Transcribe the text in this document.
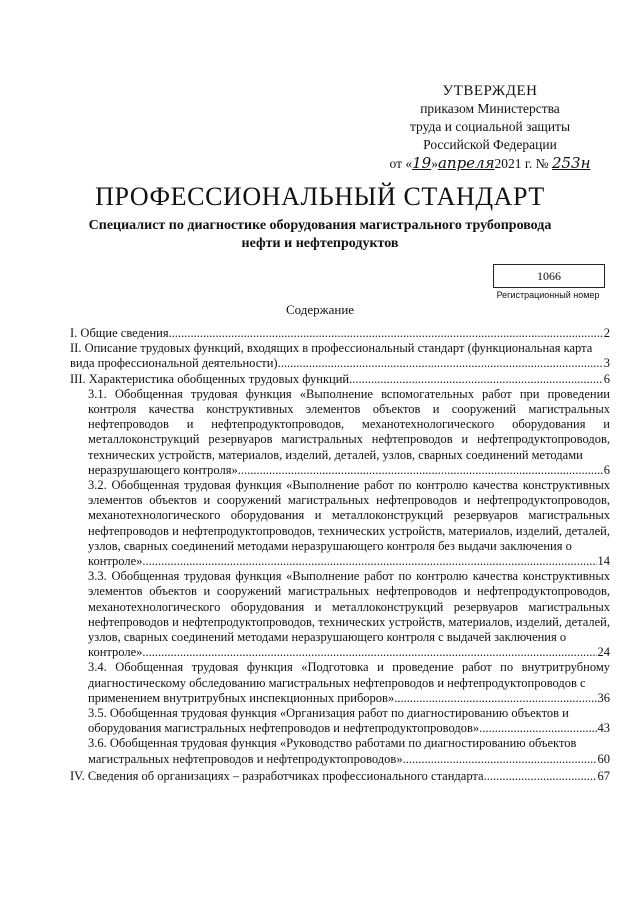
УТВЕРЖДЕН
приказом Министерства
труда и социальной защиты
Российской Федерации
от «19»апреля2021 г. № 253н
ПРОФЕССИОНАЛЬНЫЙ СТАНДАРТ
Специалист по диагностике оборудования магистрального трубопровода нефти и нефтепродуктов
1066
Регистрационный номер
Содержание
I. Общие сведения .....	2
II. Описание трудовых функций, входящих в профессиональный стандарт (функциональная карта
вида профессиональной деятельности) .....	3
III. Характеристика обобщенных трудовых функций .....	6
3.1. Обобщенная трудовая функция «Выполнение вспомогательных работ при проведении контроля качества конструктивных элементов объектов и сооружений магистральных нефтепроводов и нефтепродуктопроводов, механотехнологического оборудования и металлоконструкций резервуаров магистральных нефтепроводов и нефтепродуктопроводов, технических устройств, материалов, изделий, деталей, узлов, сварных соединений методами
неразрушающего контроля» .....	6
3.2. Обобщенная трудовая функция «Выполнение работ по контролю качества конструктивных элементов объектов и сооружений магистральных нефтепроводов и нефтепродуктопроводов, механотехнологического оборудования и металлоконструкций резервуаров магистральных нефтепроводов и нефтепродуктопроводов, технических устройств, материалов, изделий, деталей, узлов, сварных соединений методами неразрушающего контроля без выдачи заключения о
контроле» .....	14
3.3. Обобщенная трудовая функция «Выполнение работ по контролю качества конструктивных элементов объектов и сооружений магистральных нефтепроводов и нефтепродуктопроводов, механотехнологического оборудования и металлоконструкций резервуаров магистральных нефтепроводов и нефтепродуктопроводов, технических устройств, материалов, изделий, деталей, узлов, сварных соединений методами неразрушающего контроля с выдачей заключения о
контроле» .....	24
3.4. Обобщенная трудовая функция «Подготовка и проведение работ по внутритрубному диагностическому обследованию магистральных нефтепроводов и нефтепродуктопроводов с
применением внутритрубных инспекционных приборов» .....	36
3.5. Обобщенная трудовая функция «Организация работ по диагностированию объектов и
оборудования магистральных нефтепроводов и нефтепродуктопроводов» .....	43
3.6. Обобщенная трудовая функция «Руководство работами по диагностированию объектов
магистральных нефтепроводов и нефтепродуктопроводов» .....	60
IV. Сведения об организациях – разработчиках профессионального стандарта .....	67
